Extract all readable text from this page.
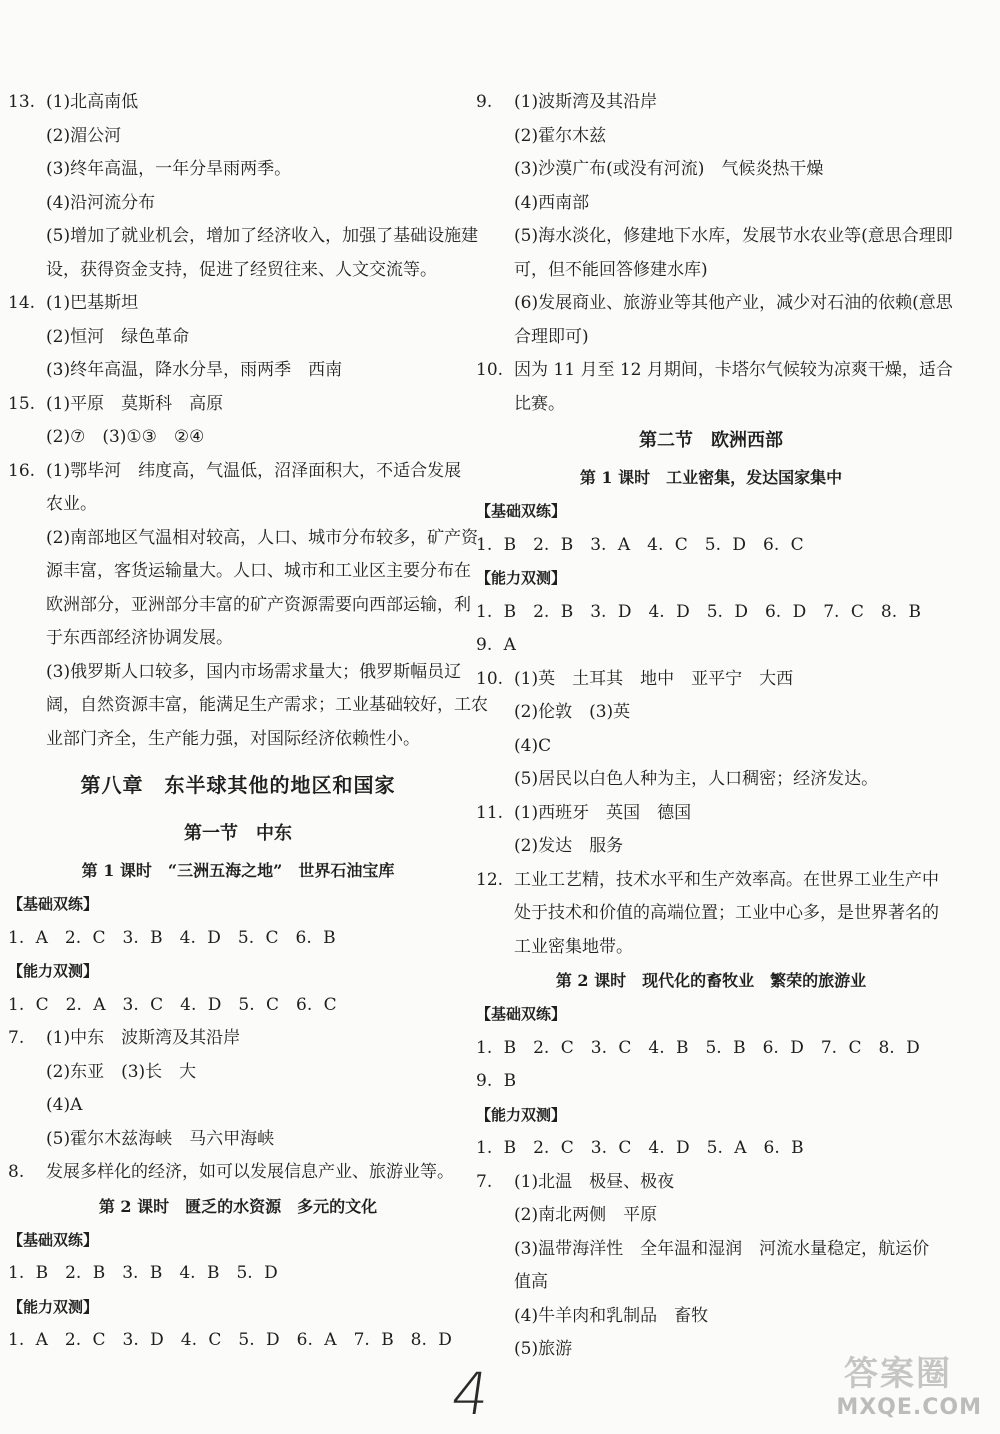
13. (1)北高南低
(2)湄公河
(3)终年高温，一年分旱雨两季。
(4)沿河流分布
(5)增加了就业机会，增加了经济收入，加强了基础设施建
设，获得资金支持，促进了经贸往来、人文交流等。
14. (1)巴基斯坦
(2)恒河　绿色革命
(3)终年高温，降水分旱，雨两季　西南
15. (1)平原　莫斯科　高原
(2)⑦　(3)①③　②④
16. (1)鄂毕河　纬度高，气温低，沼泽面积大，不适合发展
农业。
(2)南部地区气温相对较高，人口、城市分布较多，矿产资
源丰富，客货运输量大。人口、城市和工业区主要分布在
欧洲部分，亚洲部分丰富的矿产资源需要向西部运输，利
于东西部经济协调发展。
(3)俄罗斯人口较多，国内市场需求量大；俄罗斯幅员辽
阔，自然资源丰富，能满足生产需求；工业基础较好，工农
业部门齐全，生产能力强，对国际经济依赖性小。
第八章　东半球其他的地区和国家
第一节　中东
第 1 课时　“三洲五海之地”　世界石油宝库
【基础双练】
1. A　2. C　3. B　4. D　5. C　6. B
【能力双测】
1. C　2. A　3. C　4. D　5. C　6. C
7.	(1)中东　波斯湾及其沿岸
(2)东亚　(3)长　大
(4)A
(5)霍尔木兹海峡　马六甲海峡
8.	发展多样化的经济，如可以发展信息产业、旅游业等。
第 2 课时　匮乏的水资源　多元的文化
【基础双练】
1. B　2. B　3. B　4. B　5. D
【能力双测】
1. A　2. C　3. D　4. C　5. D　6. A　7. B　8. D
9.	(1)波斯湾及其沿岸
(2)霍尔木兹
(3)沙漠广布(或没有河流)　气候炎热干燥
(4)西南部
(5)海水淡化，修建地下水库，发展节水农业等(意思合理即
可，但不能回答修建水库)
(6)发展商业、旅游业等其他产业，减少对石油的依赖(意思
合理即可)
10. 因为 11 月至 12 月期间，卡塔尔气候较为凉爽干燥，适合
比赛。
第二节　欧洲西部
第 1 课时　工业密集，发达国家集中
【基础双练】
1. B　2. B　3. A　4. C　5. D　6. C
【能力双测】
1. B　2. B　3. D　4. D　5. D　6. D　7. C　8. B
9. A
10. (1)英　土耳其　地中　亚平宁　大西
(2)伦敦　(3)英
(4)C
(5)居民以白色人种为主，人口稠密；经济发达。
11. (1)西班牙　英国　德国
(2)发达　服务
12. 工业工艺精，技术水平和生产效率高。在世界工业生产中
处于技术和价值的高端位置；工业中心多，是世界著名的
工业密集地带。
第 2 课时　现代化的畜牧业　繁荣的旅游业
【基础双练】
1. B　2. C　3. C　4. B　5. B　6. D　7. C　8. D
9. B
【能力双测】
1. B　2. C　3. C　4. D　5. A　6. B
7.	(1)北温　极昼、极夜
(2)南北两侧　平原
(3)温带海洋性　全年温和湿润　河流水量稳定，航运价
值高
(4)牛羊肉和乳制品　畜牧
(5)旅游
4	答案圈
MXQE.COM
